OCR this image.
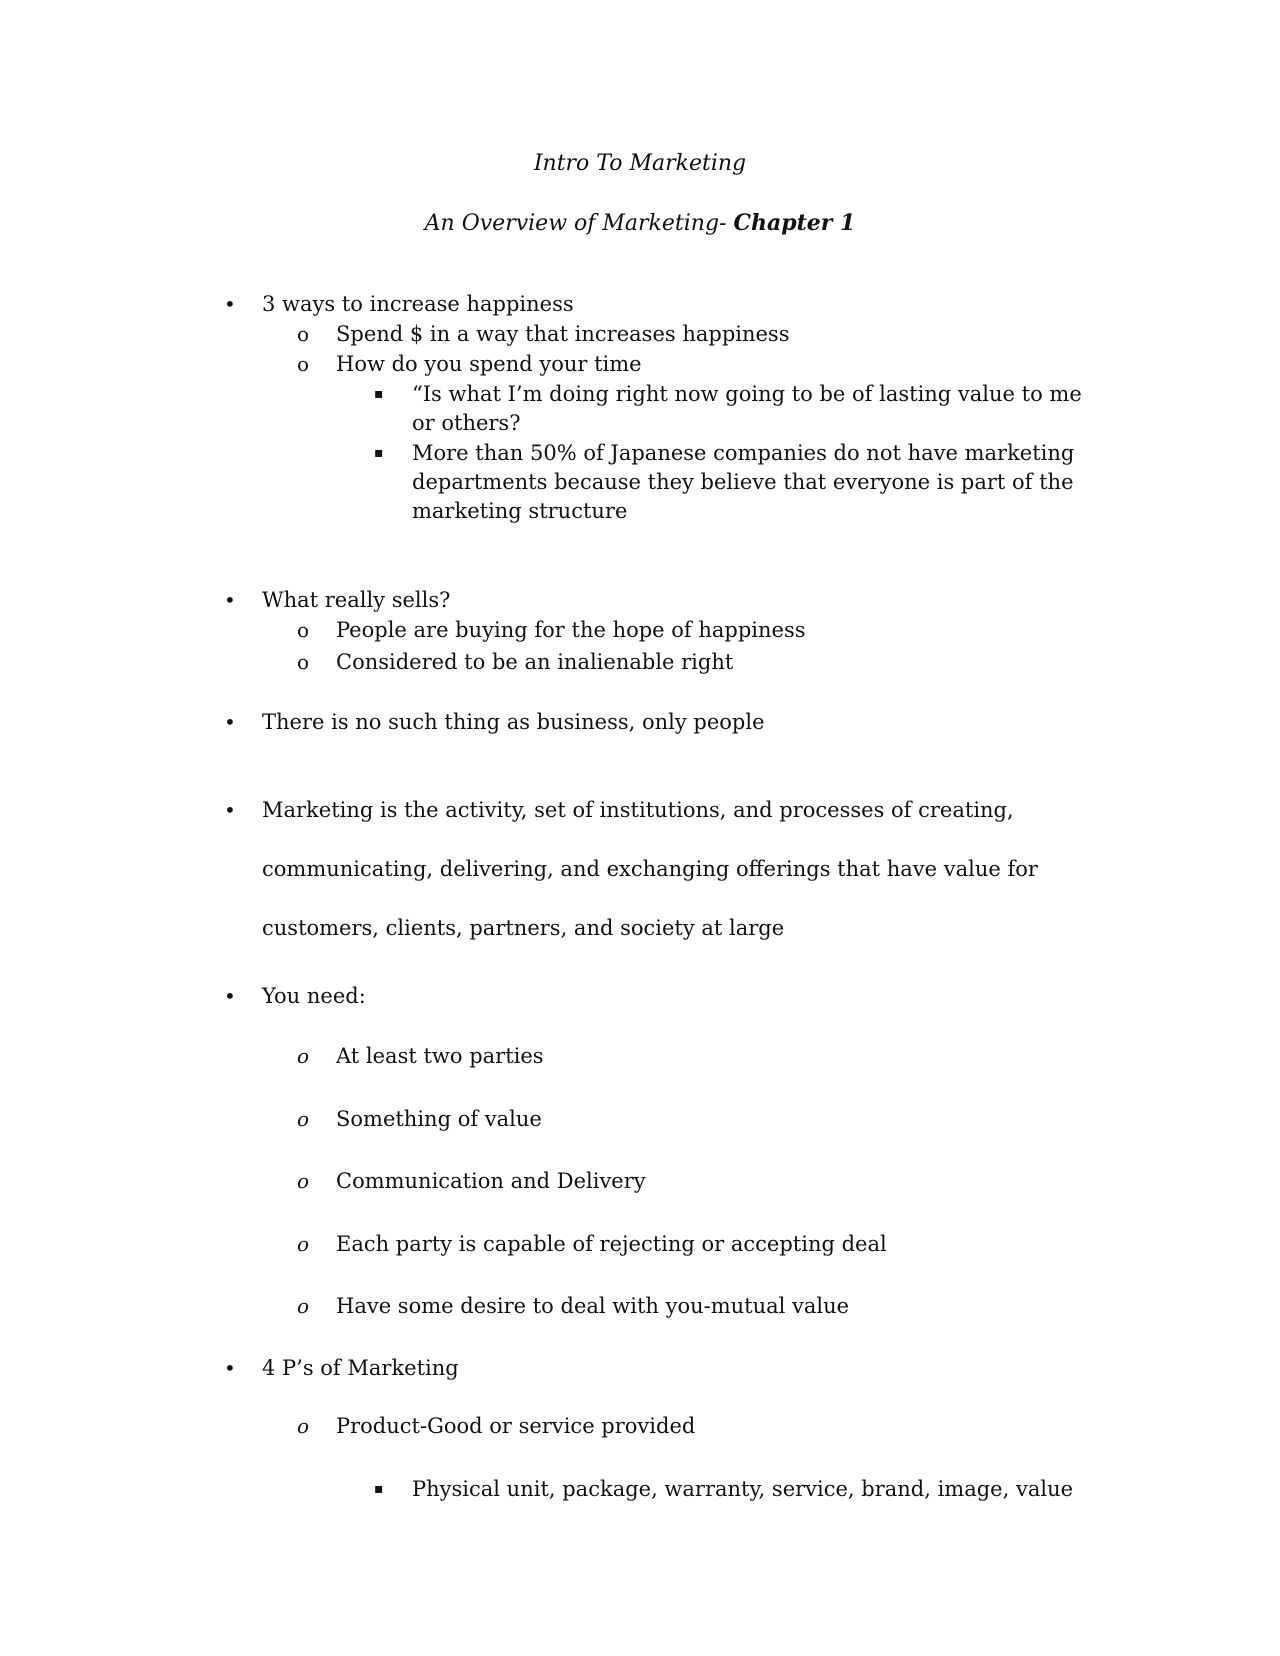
Intro To Marketing
An Overview of Marketing- Chapter 1
• 3 ways to increase happiness
o Spend $ in a way that increases happiness
o How do you spend your time
▪ “Is what I’m doing right now going to be of lasting value to me
or others?
▪ More than 50% of Japanese companies do not have marketing
departments because they believe that everyone is part of the
marketing structure
• What really sells?
o People are buying for the hope of happiness
o Considered to be an inalienable right
• There is no such thing as business, only people
• Marketing is the activity, set of institutions, and processes of creating,
communicating, delivering, and exchanging offerings that have value for
customers, clients, partners, and society at large
• You need:
o At least two parties
o Something of value
o Communication and Delivery
o Each party is capable of rejecting or accepting deal
o Have some desire to deal with you-mutual value
• 4 P’s of Marketing
o Product-Good or service provided
▪ Physical unit, package, warranty, service, brand, image, value
